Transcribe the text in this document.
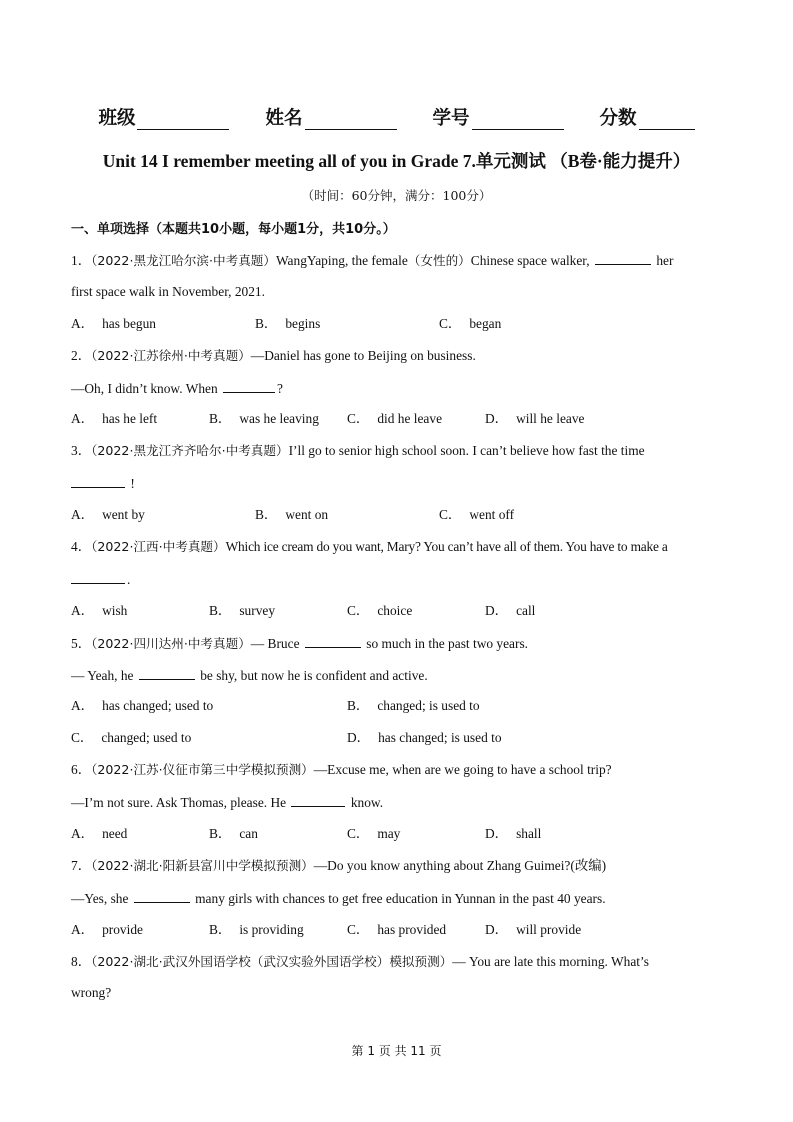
班级	姓名	学号	分数
Unit 14 I remember meeting all of you in Grade 7.单元测试 （B卷·能力提升）
（时间：60分钟，满分：100分）
一、单项选择（本题共10小题，每小题1分，共10分。）
1．（2022·黑龙江哈尔滨·中考真题）WangYaping, the female（女性的）Chinese space walker,	her
first space walk in November, 2021.
A． has begun	B． begins	C． began
2．（2022·江苏徐州·中考真题）—Daniel has gone to Beijing on business.
—Oh, I didn’t know. When	?
A． has he left	B． was he leaving	C． did he leave	D． will he leave
3．（2022·黑龙江齐齐哈尔·中考真题）I’ll go to senior high school soon. I can’t believe how fast the time
!
A． went by	B． went on	C． went off
4．（2022·江西·中考真题）Which ice cream do you want, Mary? You can’t have all of them. You have to make a
.
A． wish	B． survey	C． choice	D． call
5．（2022·四川达州·中考真题）— Bruce	so much in the past two years.
— Yeah, he	be shy, but now he is confident and active.
A． has changed; used to	B． changed; is used to
C． changed; used to	D． has changed; is used to
6．（2022·江苏·仪征市第三中学模拟预测）—Excuse me, when are we going to have a school trip?
—I’m not sure. Ask Thomas, please. He	know.
A． need	B． can	C． may	D． shall
7．（2022·湖北·阳新县富川中学模拟预测）—Do you know anything about Zhang Guimei?(改编)
—Yes, she	many girls with chances to get free education in Yunnan in the past 40 years.
A． provide	B． is providing	C． has provided	D． will provide
8．（2022·湖北·武汉外国语学校（武汉实验外国语学校）模拟预测）— You are late this morning. What’s
wrong?
第 1 页 共 11 页
